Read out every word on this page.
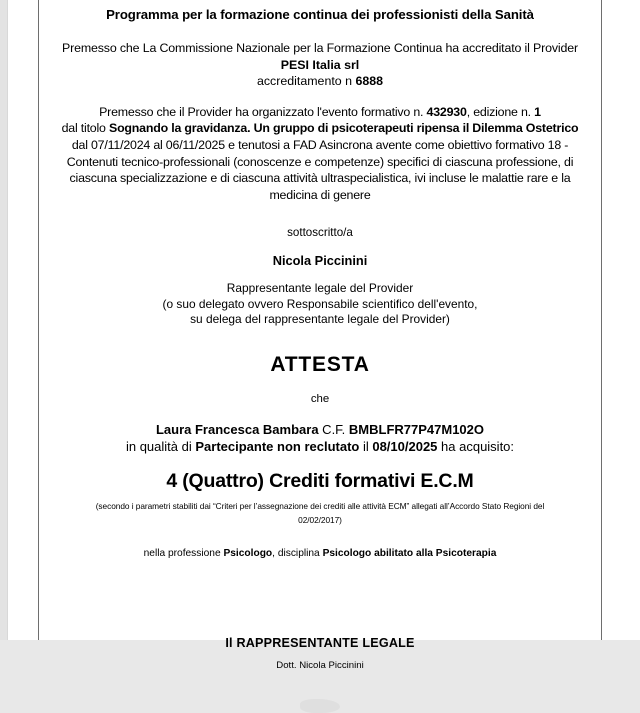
Programma per la formazione continua dei professionisti della Sanità

Premesso che La Commissione Nazionale per la Formazione Continua ha accreditato il Provider

PESI Italia srl

accreditamento n 6888

Premesso che il Provider ha organizzato l'evento formativo n. 432930, edizione n. 1
dal titolo Sognando la gravidanza. Un gruppo di psicoterapeuti ripensa il Dilemma Ostetrico dal 07/11/2024 al 06/11/2025 e tenutosi a FAD Asincrona avente come obiettivo formativo 18 - Contenuti tecnico-professionali (conoscenze e competenze) specifici di ciascuna professione, di ciascuna specializzazione e di ciascuna attività ultraspecialistica, ivi incluse le malattie rare e la medicina di genere

sottoscritto/a

Nicola Piccinini

Rappresentante legale del Provider

(o suo delegato ovvero Responsabile scientifico dell'evento,

su delega del rappresentante legale del Provider)

ATTESTA

che

Laura Francesca Bambara C.F. BMBLFR77P47M102O

in qualità di Partecipante non reclutato il 08/10/2025 ha acquisito:

4 (Quattro) Crediti formativi E.C.M

(secondo i parametri stabiliti dai “Criteri per l’assegnazione dei crediti alle attività ECM” allegati all’Accordo Stato Regioni del

02/02/2017)

nella professione Psicologo, disciplina Psicologo abilitato alla Psicoterapia

Il RAPPRESENTANTE LEGALE

Dott. Nicola Piccinini
